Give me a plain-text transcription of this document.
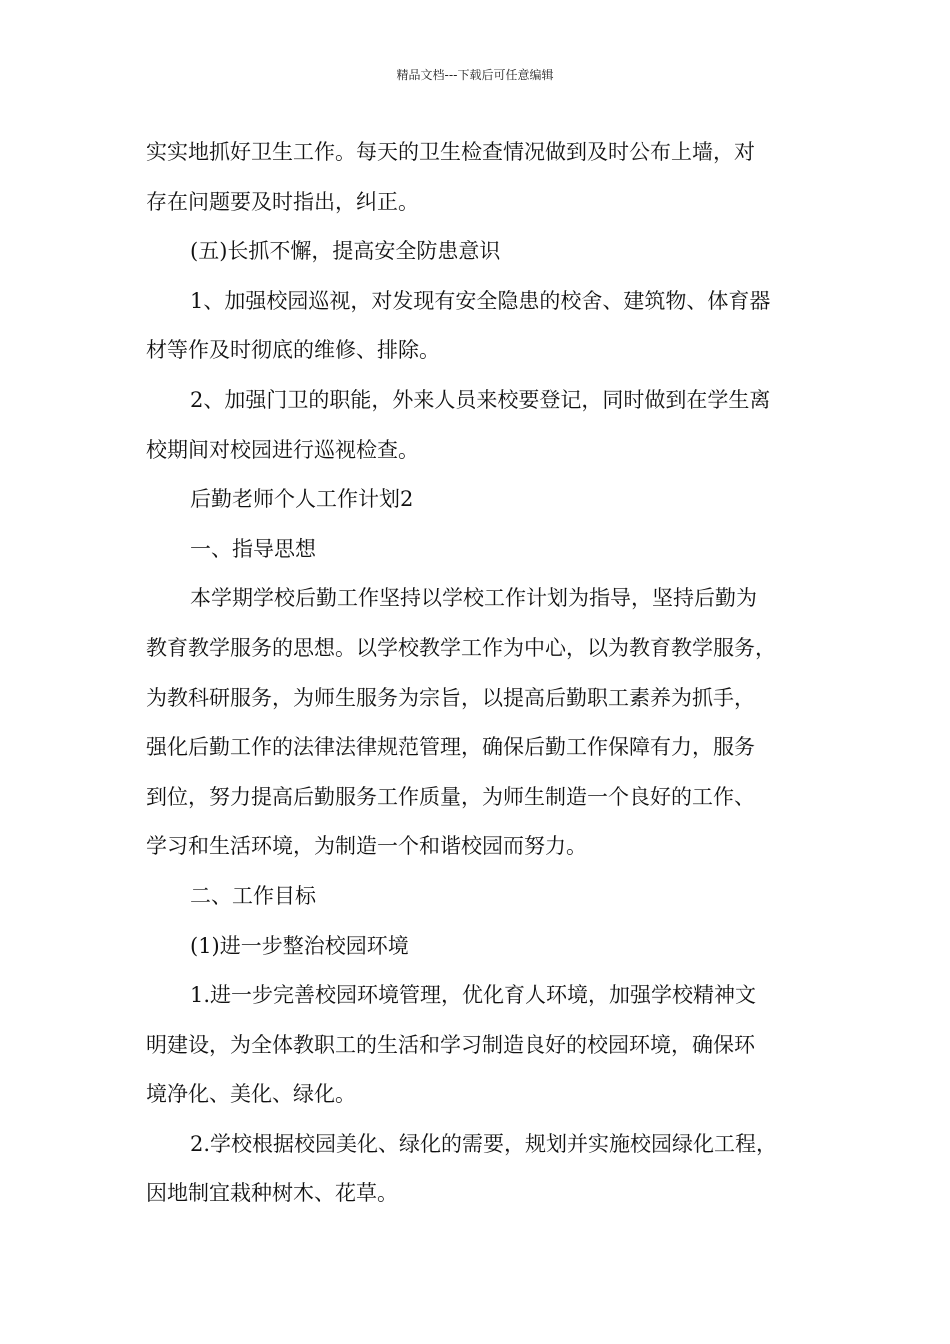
精品文档---下载后可任意编辑
实实地抓好卫生工作。每天的卫生检查情况做到及时公布上墙，对
存在问题要及时指出，纠正。
(五)长抓不懈，提高安全防患意识
1、加强校园巡视，对发现有安全隐患的校舍、建筑物、体育器
材等作及时彻底的维修、排除。
2、加强门卫的职能，外来人员来校要登记，同时做到在学生离
校期间对校园进行巡视检查。
后勤老师个人工作计划2
一、指导思想
本学期学校后勤工作坚持以学校工作计划为指导，坚持后勤为
教育教学服务的思想。以学校教学工作为中心，以为教育教学服务，
为教科研服务，为师生服务为宗旨，以提高后勤职工素养为抓手，
强化后勤工作的法律法律规范管理，确保后勤工作保障有力，服务
到位，努力提高后勤服务工作质量，为师生制造一个良好的工作、
学习和生活环境，为制造一个和谐校园而努力。
二、工作目标
(1)进一步整治校园环境
1.进一步完善校园环境管理，优化育人环境，加强学校精神文
明建设，为全体教职工的生活和学习制造良好的校园环境，确保环
境净化、美化、绿化。
2.学校根据校园美化、绿化的需要，规划并实施校园绿化工程，
因地制宜栽种树木、花草。
